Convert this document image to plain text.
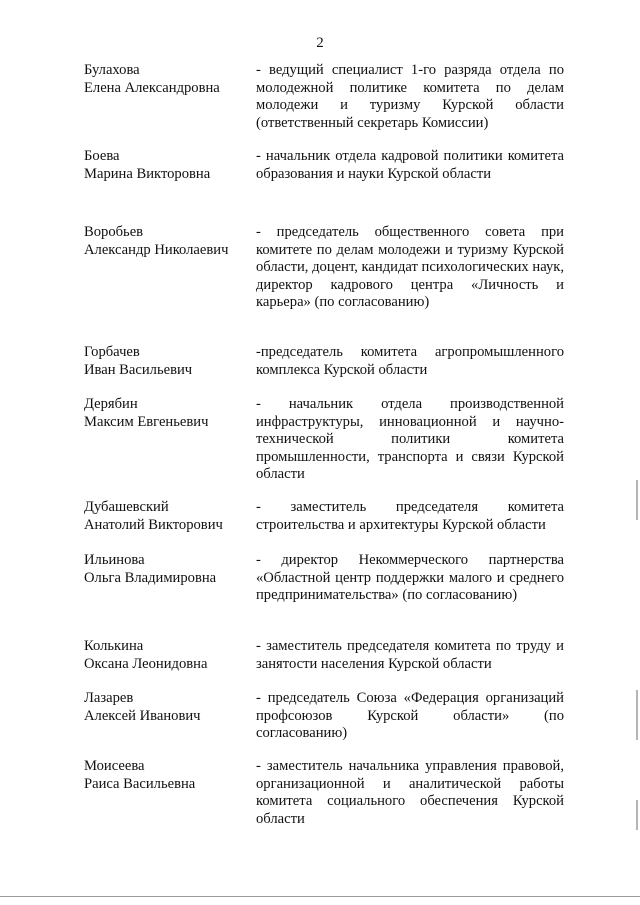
2
Булахова
Елена Александровна
- ведущий специалист 1-го разряда отдела по молодежной политике комитета по делам молодежи и туризму Курской области (ответственный секретарь Комиссии)
Боева
Марина Викторовна
- начальник отдела кадровой политики комитета образования и науки Курской области
Воробьев
Александр Николаевич
- председатель общественного совета при комитете по делам молодежи и туризму Курской области, доцент, кандидат психологических наук, директор кадрового центра «Личность и карьера» (по согласованию)
Горбачев
Иван Васильевич
-председатель комитета агропромышленного комплекса Курской области
Дерябин
Максим Евгеньевич
- начальник отдела производственной инфраструктуры, инновационной и научно-технической политики комитета промышленности, транспорта и связи Курской области
Дубашевский
Анатолий Викторович
- заместитель председателя комитета строительства и архитектуры Курской области
Ильинова
Ольга Владимировна
- директор Некоммерческого партнерства «Областной центр поддержки малого и среднего предпринимательства» (по согласованию)
Колькина
Оксана Леонидовна
- заместитель председателя комитета по труду и занятости населения Курской области
Лазарев
Алексей Иванович
- председатель Союза «Федерация организаций профсоюзов Курской области» (по согласованию)
Моисеева
Раиса Васильевна
- заместитель начальника управления правовой, организационной и аналитической работы комитета социального обеспечения Курской области
